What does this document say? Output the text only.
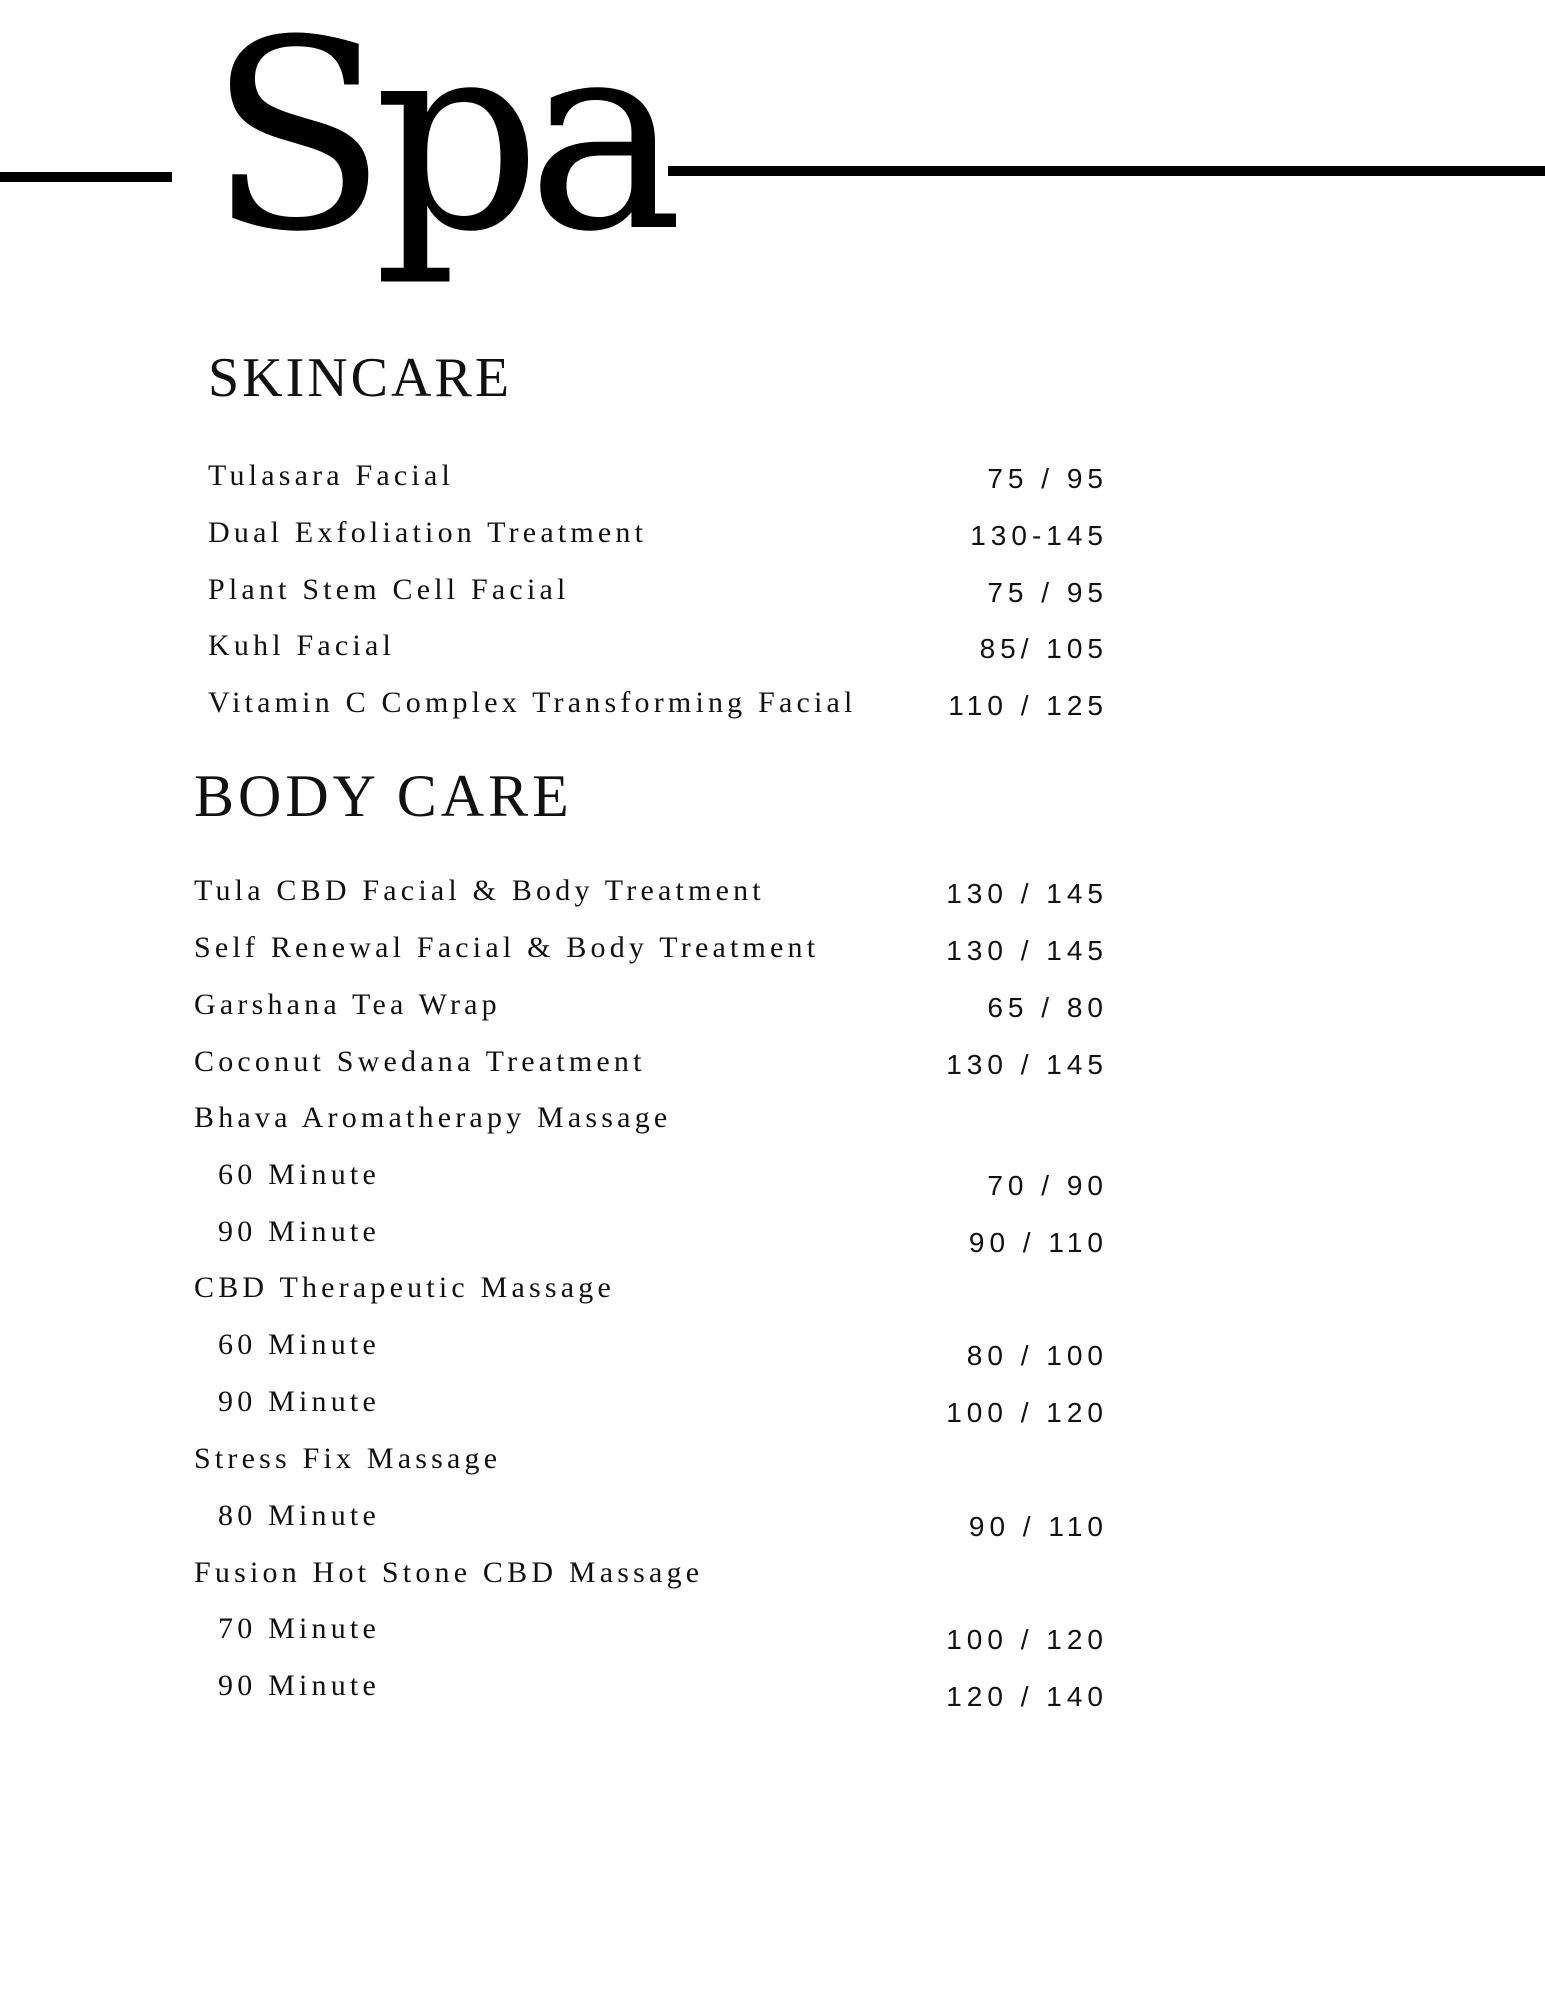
Spa
SKINCARE
Tulasara Facial	75 / 95
Dual Exfoliation Treatment	130-145
Plant Stem Cell Facial	75 / 95
Kuhl Facial	85/ 105
Vitamin C Complex Transforming Facial	110 / 125
BODY CARE
Tula CBD Facial & Body Treatment	130 / 145
Self Renewal Facial & Body Treatment	130 / 145
Garshana Tea Wrap	65 / 80
Coconut Swedana Treatment	130 / 145
Bhava Aromatherapy Massage
60 Minute	70 / 90
90 Minute	90 / 110
CBD Therapeutic Massage
60 Minute	80 / 100
90 Minute	100 / 120
Stress Fix Massage
80 Minute	90 / 110
Fusion Hot Stone CBD Massage
70 Minute	100 / 120
90 Minute	120 / 140
